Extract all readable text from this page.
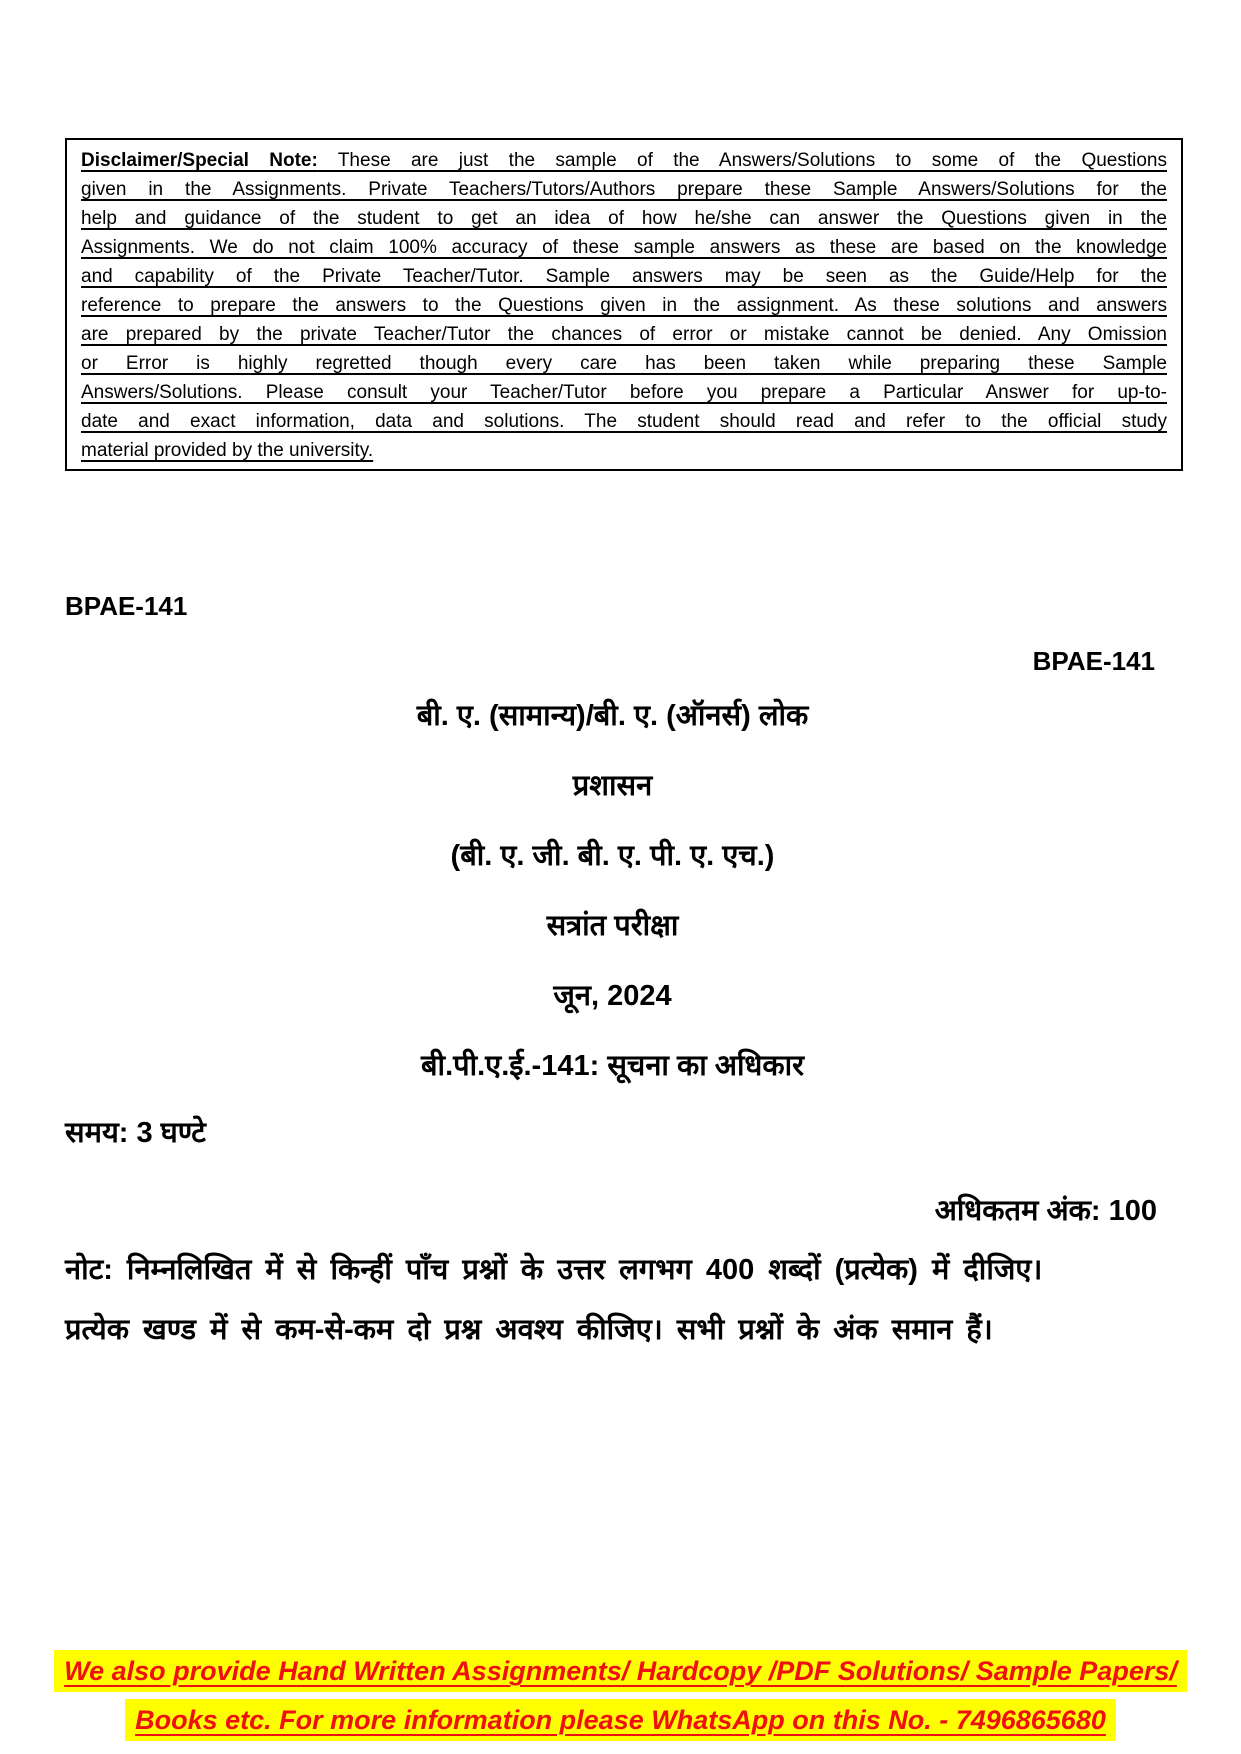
Disclaimer/Special Note: These are just the sample of the Answers/Solutions to some of the Questions
given in the Assignments. Private Teachers/Tutors/Authors prepare these Sample Answers/Solutions for the
help and guidance of the student to get an idea of how he/she can answer the Questions given in the
Assignments. We do not claim 100% accuracy of these sample answers as these are based on the knowledge
and capability of the Private Teacher/Tutor. Sample answers may be seen as the Guide/Help for the
reference to prepare the answers to the Questions given in the assignment. As these solutions and answers
are prepared by the private Teacher/Tutor the chances of error or mistake cannot be denied. Any Omission
or Error is highly regretted though every care has been taken while preparing these Sample
Answers/Solutions. Please consult your Teacher/Tutor before you prepare a Particular Answer for up-to-
date and exact information, data and solutions. The student should read and refer to the official study
material provided by the university.
BPAE-141
BPAE-141
बी. ए. (सामान्य)/बी. ए. (ऑनर्स) लोक
प्रशासन
(बी. ए. जी. बी. ए. पी. ए. एच.)
सत्रांत परीक्षा
जून, 2024
बी.पी.ए.ई.-141: सूचना का अधिकार
समय: 3 घण्टे
अधिकतम अंक: 100
नोट: निम्नलिखित में से किन्हीं पाँच प्रश्नों के उत्तर लगभग 400 शब्दों (प्रत्येक) में दीजिए। प्रत्येक खण्ड में से कम-से-कम दो प्रश्न अवश्य कीजिए। सभी प्रश्नों के अंक समान हैं।
We also provide Hand Written Assignments/ Hardcopy /PDF Solutions/ Sample Papers/
Books etc. For more information please WhatsApp on this No. - 7496865680
